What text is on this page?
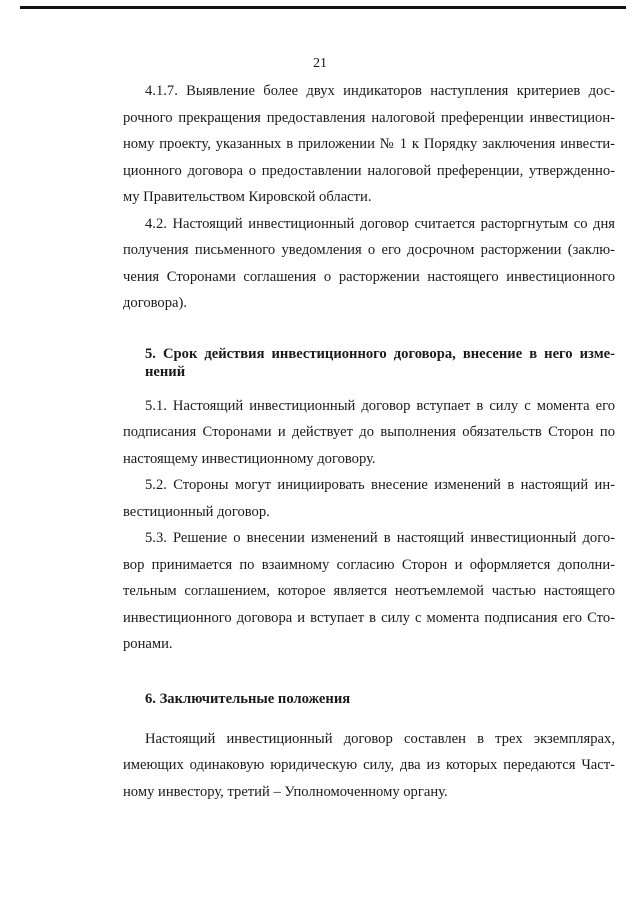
21

4.1.7. Выявление более двух индикаторов наступления критериев дос-
рочного прекращения предоставления налоговой преференции инвестицион-
ному проекту, указанных в приложении № 1 к Порядку заключения инвести-
ционного договора о предоставлении налоговой преференции, утвержденно-
му Правительством Кировской области.

4.2. Настоящий инвестиционный договор считается расторгнутым со дня
получения письменного уведомления о его досрочном расторжении (заклю-
чения Сторонами соглашения о расторжении настоящего инвестиционного
договора).

5. Срок действия инвестиционного договора, внесение в него изме-
нений

5.1. Настоящий инвестиционный договор вступает в силу с момента его
подписания Сторонами и действует до выполнения обязательств Сторон по
настоящему инвестиционному договору.

5.2. Стороны могут инициировать внесение изменений в настоящий ин-
вестиционный договор.

5.3. Решение о внесении изменений в настоящий инвестиционный дого-
вор принимается по взаимному согласию Сторон и оформляется дополни-
тельным соглашением, которое является неотъемлемой частью настоящего
инвестиционного договора и вступает в силу с момента подписания его Сто-
ронами.

6. Заключительные положения

Настоящий инвестиционный договор составлен в трех экземплярах,
имеющих одинаковую юридическую силу, два из которых передаются Част-
ному инвестору, третий – Уполномоченному органу.
